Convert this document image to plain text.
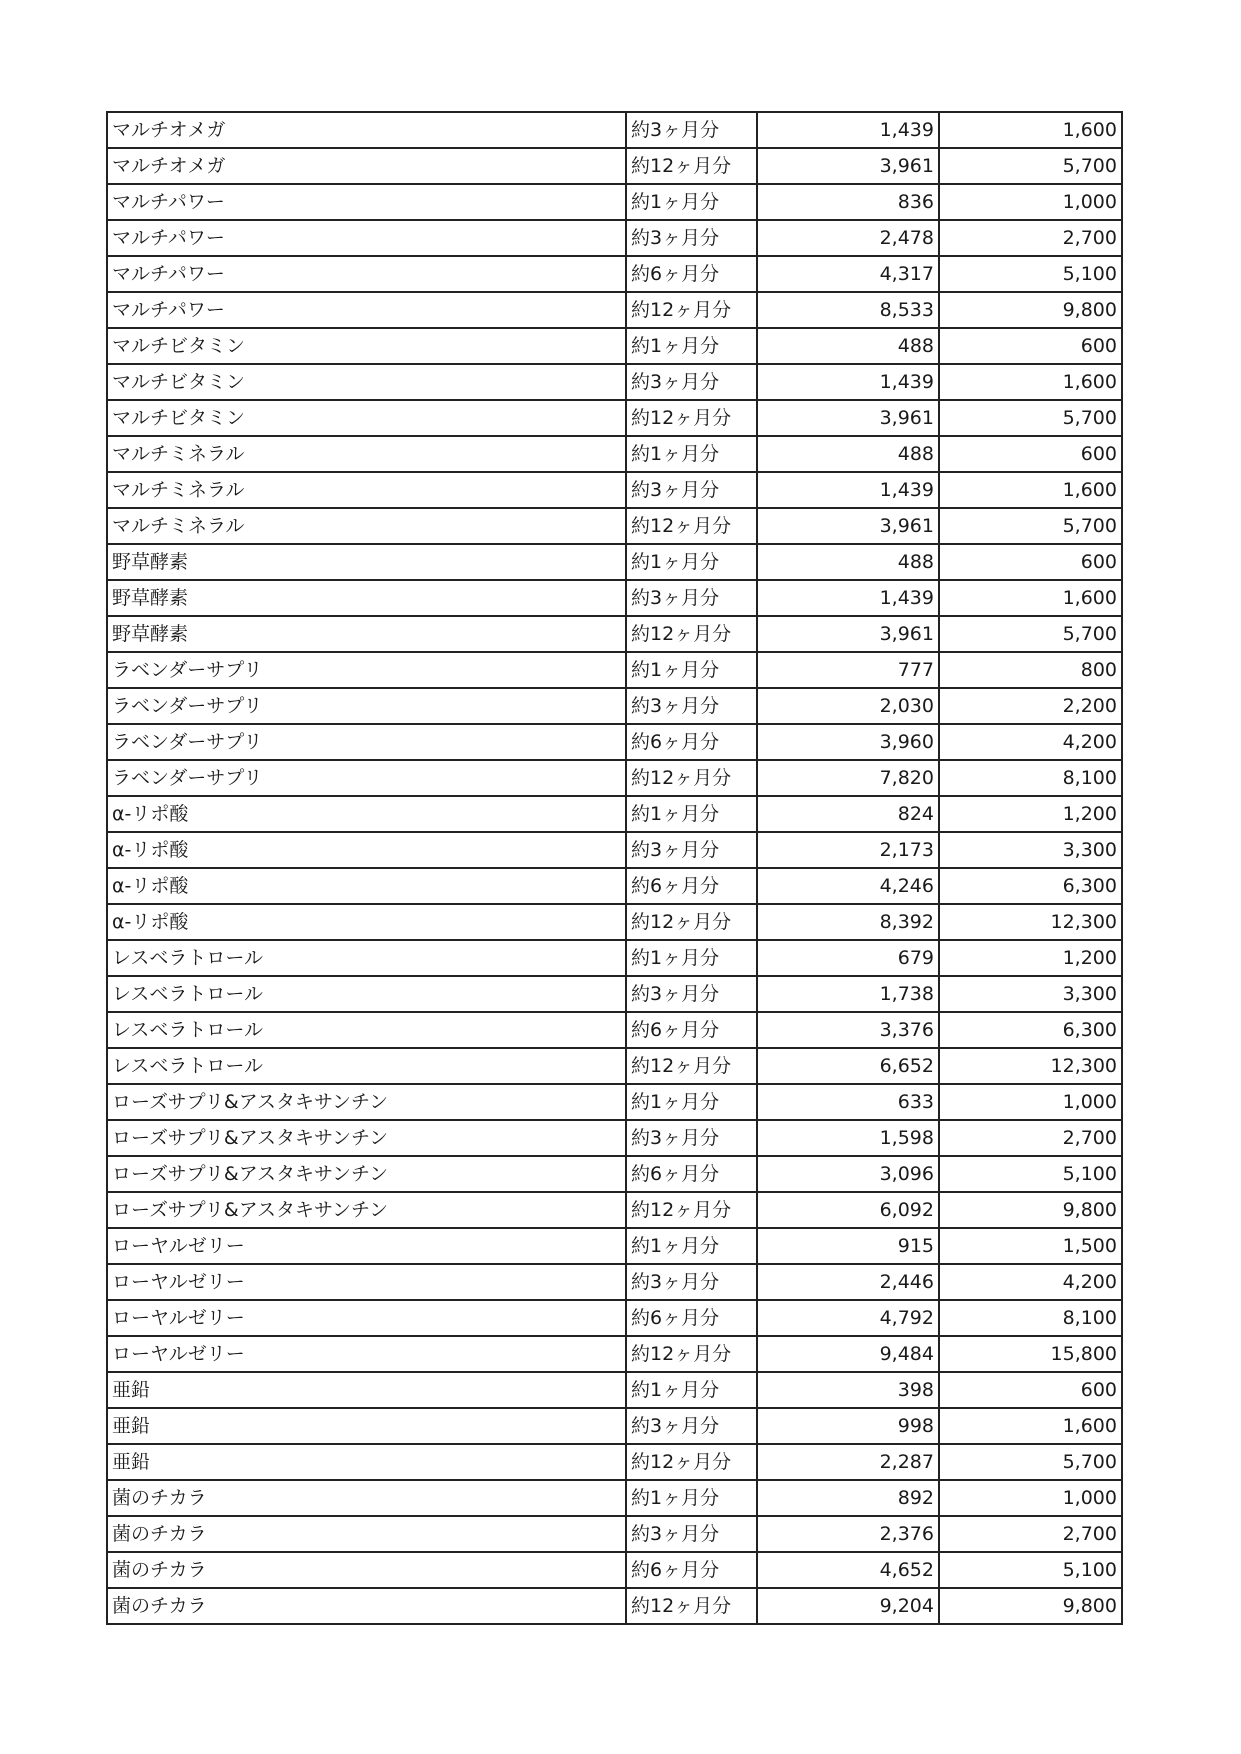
マルチオメガ	約3ヶ月分	1,439	1,600
マルチオメガ	約12ヶ月分	3,961	5,700
マルチパワー	約1ヶ月分	836	1,000
マルチパワー	約3ヶ月分	2,478	2,700
マルチパワー	約6ヶ月分	4,317	5,100
マルチパワー	約12ヶ月分	8,533	9,800
マルチビタミン	約1ヶ月分	488	600
マルチビタミン	約3ヶ月分	1,439	1,600
マルチビタミン	約12ヶ月分	3,961	5,700
マルチミネラル	約1ヶ月分	488	600
マルチミネラル	約3ヶ月分	1,439	1,600
マルチミネラル	約12ヶ月分	3,961	5,700
野草酵素	約1ヶ月分	488	600
野草酵素	約3ヶ月分	1,439	1,600
野草酵素	約12ヶ月分	3,961	5,700
ラベンダーサプリ	約1ヶ月分	777	800
ラベンダーサプリ	約3ヶ月分	2,030	2,200
ラベンダーサプリ	約6ヶ月分	3,960	4,200
ラベンダーサプリ	約12ヶ月分	7,820	8,100
α-リポ酸	約1ヶ月分	824	1,200
α-リポ酸	約3ヶ月分	2,173	3,300
α-リポ酸	約6ヶ月分	4,246	6,300
α-リポ酸	約12ヶ月分	8,392	12,300
レスベラトロール	約1ヶ月分	679	1,200
レスベラトロール	約3ヶ月分	1,738	3,300
レスベラトロール	約6ヶ月分	3,376	6,300
レスベラトロール	約12ヶ月分	6,652	12,300
ローズサプリ&アスタキサンチン	約1ヶ月分	633	1,000
ローズサプリ&アスタキサンチン	約3ヶ月分	1,598	2,700
ローズサプリ&アスタキサンチン	約6ヶ月分	3,096	5,100
ローズサプリ&アスタキサンチン	約12ヶ月分	6,092	9,800
ローヤルゼリー	約1ヶ月分	915	1,500
ローヤルゼリー	約3ヶ月分	2,446	4,200
ローヤルゼリー	約6ヶ月分	4,792	8,100
ローヤルゼリー	約12ヶ月分	9,484	15,800
亜鉛	約1ヶ月分	398	600
亜鉛	約3ヶ月分	998	1,600
亜鉛	約12ヶ月分	2,287	5,700
菌のチカラ	約1ヶ月分	892	1,000
菌のチカラ	約3ヶ月分	2,376	2,700
菌のチカラ	約6ヶ月分	4,652	5,100
菌のチカラ	約12ヶ月分	9,204	9,800
